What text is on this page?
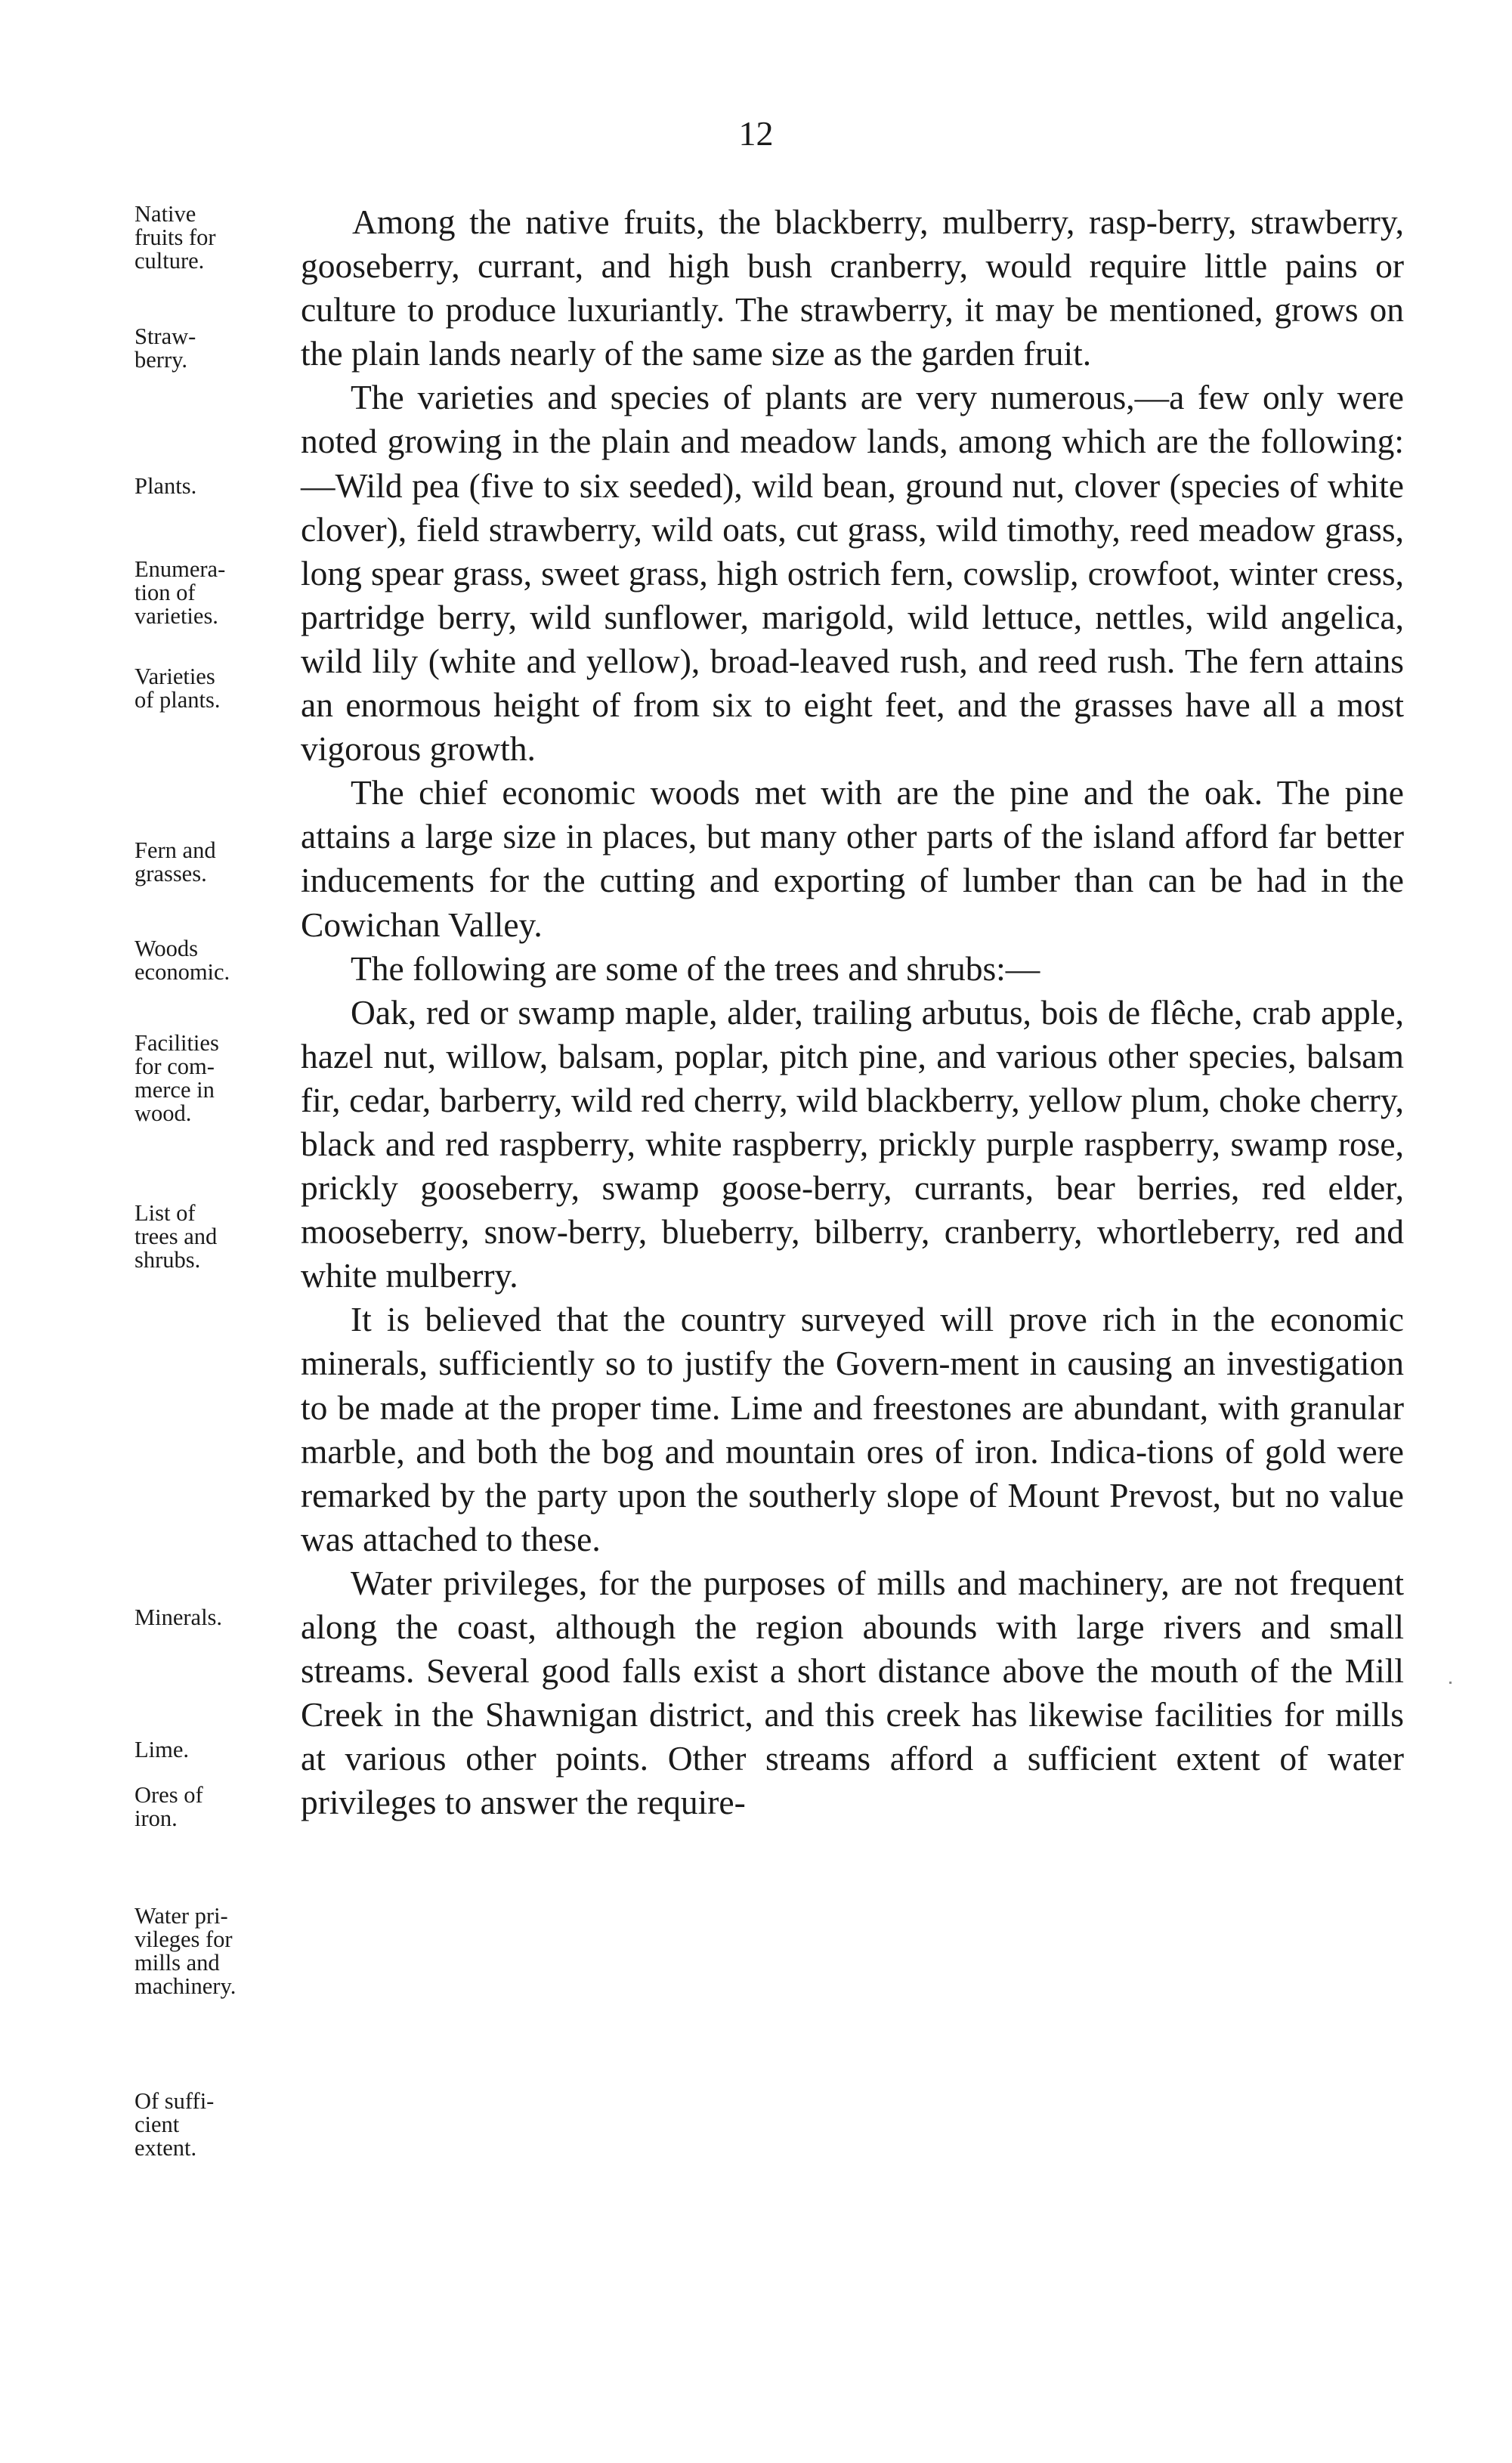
12
Native
fruits for
culture.
Straw-
berry.
Plants.
Enumera-
tion of
varieties.
Varieties
of plants.
Fern and
grasses.
Woods
economic.
Facilities
for com-
merce in
wood.
List of
trees and
shrubs.
Minerals.
Lime.
Ores of
iron.
Water pri-
vileges for
mills and
machinery.
Of suffi-
cient
extent.

Among the native fruits, the blackberry, mulberry, rasp-berry, strawberry, gooseberry, currant, and high bush cranberry, would require little pains or culture to produce luxuriantly. The strawberry, it may be mentioned, grows on the plain lands nearly of the same size as the garden fruit.

The varieties and species of plants are very numerous,—a few only were noted growing in the plain and meadow lands, among which are the following:—Wild pea (five to six seeded), wild bean, ground nut, clover (species of white clover), field strawberry, wild oats, cut grass, wild timothy, reed meadow grass, long spear grass, sweet grass, high ostrich fern, cowslip, crowfoot, winter cress, partridge berry, wild sunflower, marigold, wild lettuce, nettles, wild angelica, wild lily (white and yellow), broad-leaved rush, and reed rush. The fern attains an enormous height of from six to eight feet, and the grasses have all a most vigorous growth.

The chief economic woods met with are the pine and the oak. The pine attains a large size in places, but many other parts of the island afford far better inducements for the cutting and exporting of lumber than can be had in the Cowichan Valley.

The following are some of the trees and shrubs:—

Oak, red or swamp maple, alder, trailing arbutus, bois de flêche, crab apple, hazel nut, willow, balsam, poplar, pitch pine, and various other species, balsam fir, cedar, barberry, wild red cherry, wild blackberry, yellow plum, choke cherry, black and red raspberry, white raspberry, prickly purple raspberry, swamp rose, prickly gooseberry, swamp goose-berry, currants, bear berries, red elder, mooseberry, snow-berry, blueberry, bilberry, cranberry, whortleberry, red and white mulberry.

It is believed that the country surveyed will prove rich in the economic minerals, sufficiently so to justify the Govern-ment in causing an investigation to be made at the proper time. Lime and freestones are abundant, with granular marble, and both the bog and mountain ores of iron. Indica-tions of gold were remarked by the party upon the southerly slope of Mount Prevost, but no value was attached to these.

Water privileges, for the purposes of mills and machinery, are not frequent along the coast, although the region abounds with large rivers and small streams. Several good falls exist a short distance above the mouth of the Mill Creek in the Shawnigan district, and this creek has likewise facilities for mills at various other points. Other streams afford a sufficient extent of water privileges to answer the require-
